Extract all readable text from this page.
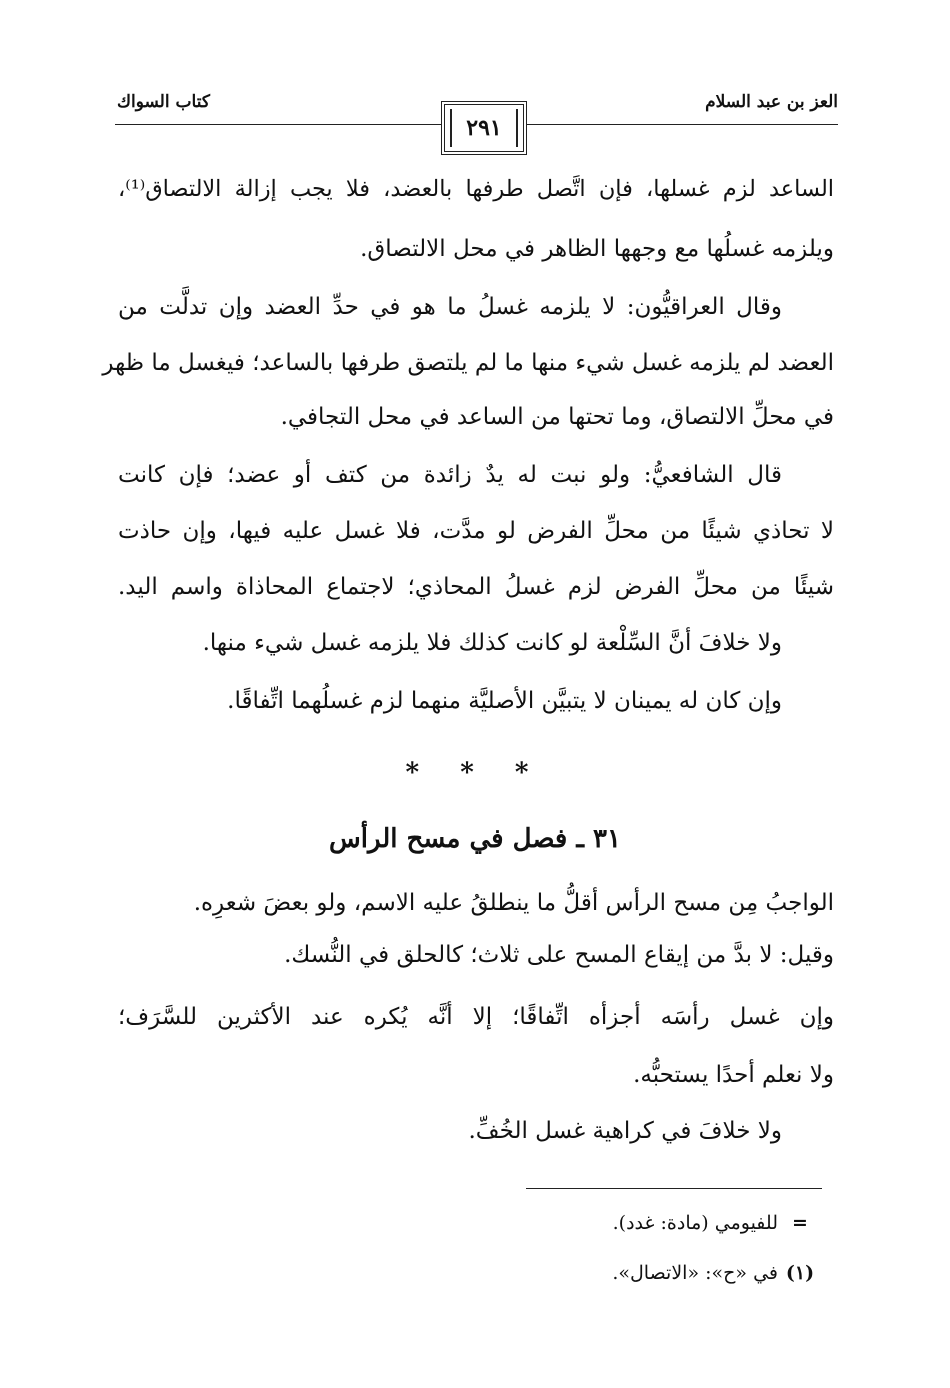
العز بن عبد السلام
كتاب السواك
٢٩١
الساعد لزم غسلها، فإن اتَّصل طرفها بالعضد، فلا يجب إزالة الالتصاق⁽¹⁾،
ويلزمه غسلُها مع وجهها الظاهر في محل الالتصاق.
وقال العراقيُّون: لا يلزمه غسلُ ما هو في حدِّ العضد وإن تدلَّت من
العضد لم يلزمه غسل شيء منها ما لم يلتصق طرفها بالساعد؛ فيغسل ما ظهر
في محلِّ الالتصاق، وما تحتها من الساعد في محل التجافي.
قال الشافعيُّ: ولو نبت له يدٌ زائدة من كتف أو عضد؛ فإن كانت
لا تحاذي شيئًا من محلِّ الفرض لو مدَّت، فلا غسل عليه فيها، وإن حاذت
شيئًا من محلِّ الفرض لزم غسلُ المحاذي؛ لاجتماع المحاذاة واسم اليد.
ولا خلافَ أنَّ السِّلْعة لو كانت كذلك فلا يلزمه غسل شيء منها.
وإن كان له يمينان لا يتبيَّن الأصليَّة منهما لزم غسلُهما اتِّفاقًا.
* * *
٣١ ـ فصل في مسح الرأس
الواجبُ مِن مسح الرأس أقلُّ ما ينطلقُ عليه الاسم، ولو بعضَ شعرِه.
وقيل: لا بدَّ من إيقاع المسح على ثلاث؛ كالحلق في النُّسك.
وإن غسل رأسَه أجزأه اتِّفاقًا؛ إلا أنَّه يُكره عند الأكثرين للسَّرَف؛
ولا نعلم أحدًا يستحبُّه.
ولا خلافَ في كراهية غسل الخُفِّ.
=للفيومي (مادة: غدد).
(١)في «ح»: «الاتصال».
